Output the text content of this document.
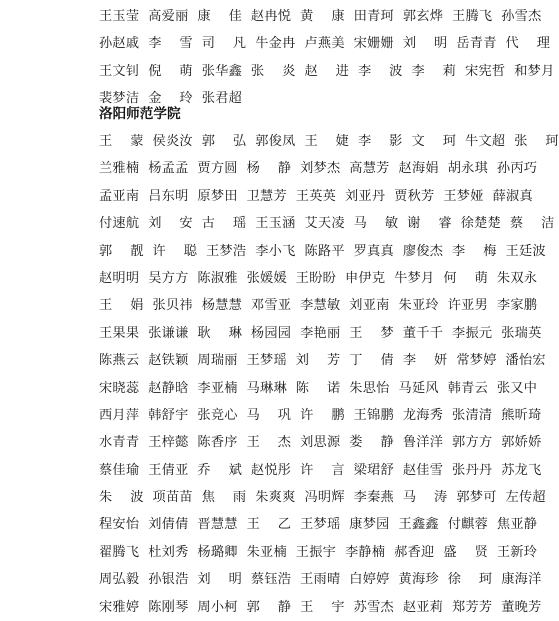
王玉莹  高爱丽  康    佳  赵冉悦  黄    康  田青珂  郭玄烨  王腾飞  孙雪杰
孙赵戚  李    雪  司    凡  牛金冉  卢燕美  宋姗姗  刘    明  岳青青  代    理
王文钊  倪    萌  张华鑫  张    炎  赵    进  李    波  李    莉  宋宪哲  和梦月
裴梦洁  金    玲  张君超
洛阳师范学院
王    蒙  侯炎汝  郭    弘  郭俊凤  王    婕  李    影  文    珂  牛文超  张    珂
兰雅楠  杨孟孟  贾方圆  杨    静  刘梦杰  高慧芳  赵海娟  胡永琪  孙丙巧
孟亚南  吕东明  原梦田  卫慧芳  王英英  刘亚丹  贾秋芳  王梦娅  薛淑真
付速航  刘    安  古    瑶  王玉涵  艾天凌  马    敏  谢    睿  徐楚楚  蔡    洁
郭    靓  许    聪  王梦浩  李小飞  陈路平  罗真真  廖俊杰  李    梅  王廷波
赵明明  吴方方  陈淑雅  张媛媛  王盼盼  申伊克  牛梦月  何    萌  朱双永
王    娟  张贝祎  杨慧慧  邓雪亚  李慧敏  刘亚南  朱亚玲  许亚男  李家鹏
王果果  张谦谦  耿    琳  杨园园  李艳丽  王    梦  董千千  李振元  张瑞英
陈燕云  赵铁颖  周瑞丽  王梦瑶  刘    芳  丁    倩  李    妍  常梦婷  潘怡宏
宋晓蕊  赵静晗  李亚楠  马琳琳  陈    诺  朱思怡  马延风  韩青云  张又中
西月萍  韩舒宇  张竞心  马    巩  许    鹏  王锦鹏  龙海秀  张清清  熊昕琦
水青青  王梓懿  陈香序  王    杰  刘思源  娄    静  鲁洋洋  郭方方  郭娇娇
蔡佳瑜  王倩亚  乔    斌  赵悦彤  许    言  梁珺舒  赵佳雪  张丹丹  苏龙飞
朱    波  项苗苗  焦    雨  朱爽爽  冯明辉  李秦燕  马    涛  郭梦可  左传超
程安怡  刘倩倩  晋慧慧  王    乙  王梦瑶  康梦园  王鑫鑫  付麒蓉  焦亚静
翟腾飞  杜刘秀  杨璐卿  朱亚楠  王振宇  李静楠  郝香迎  盛    贤  王新玲
周弘毅  孙银浩  刘    明  蔡钰浩  王雨晴  白婷婷  黄海珍  徐    珂  康海洋
宋雅婷  陈刚琴  周小柯  郭    静  王    宇  苏雪杰  赵亚莉  郑芳芳  董晚芳
